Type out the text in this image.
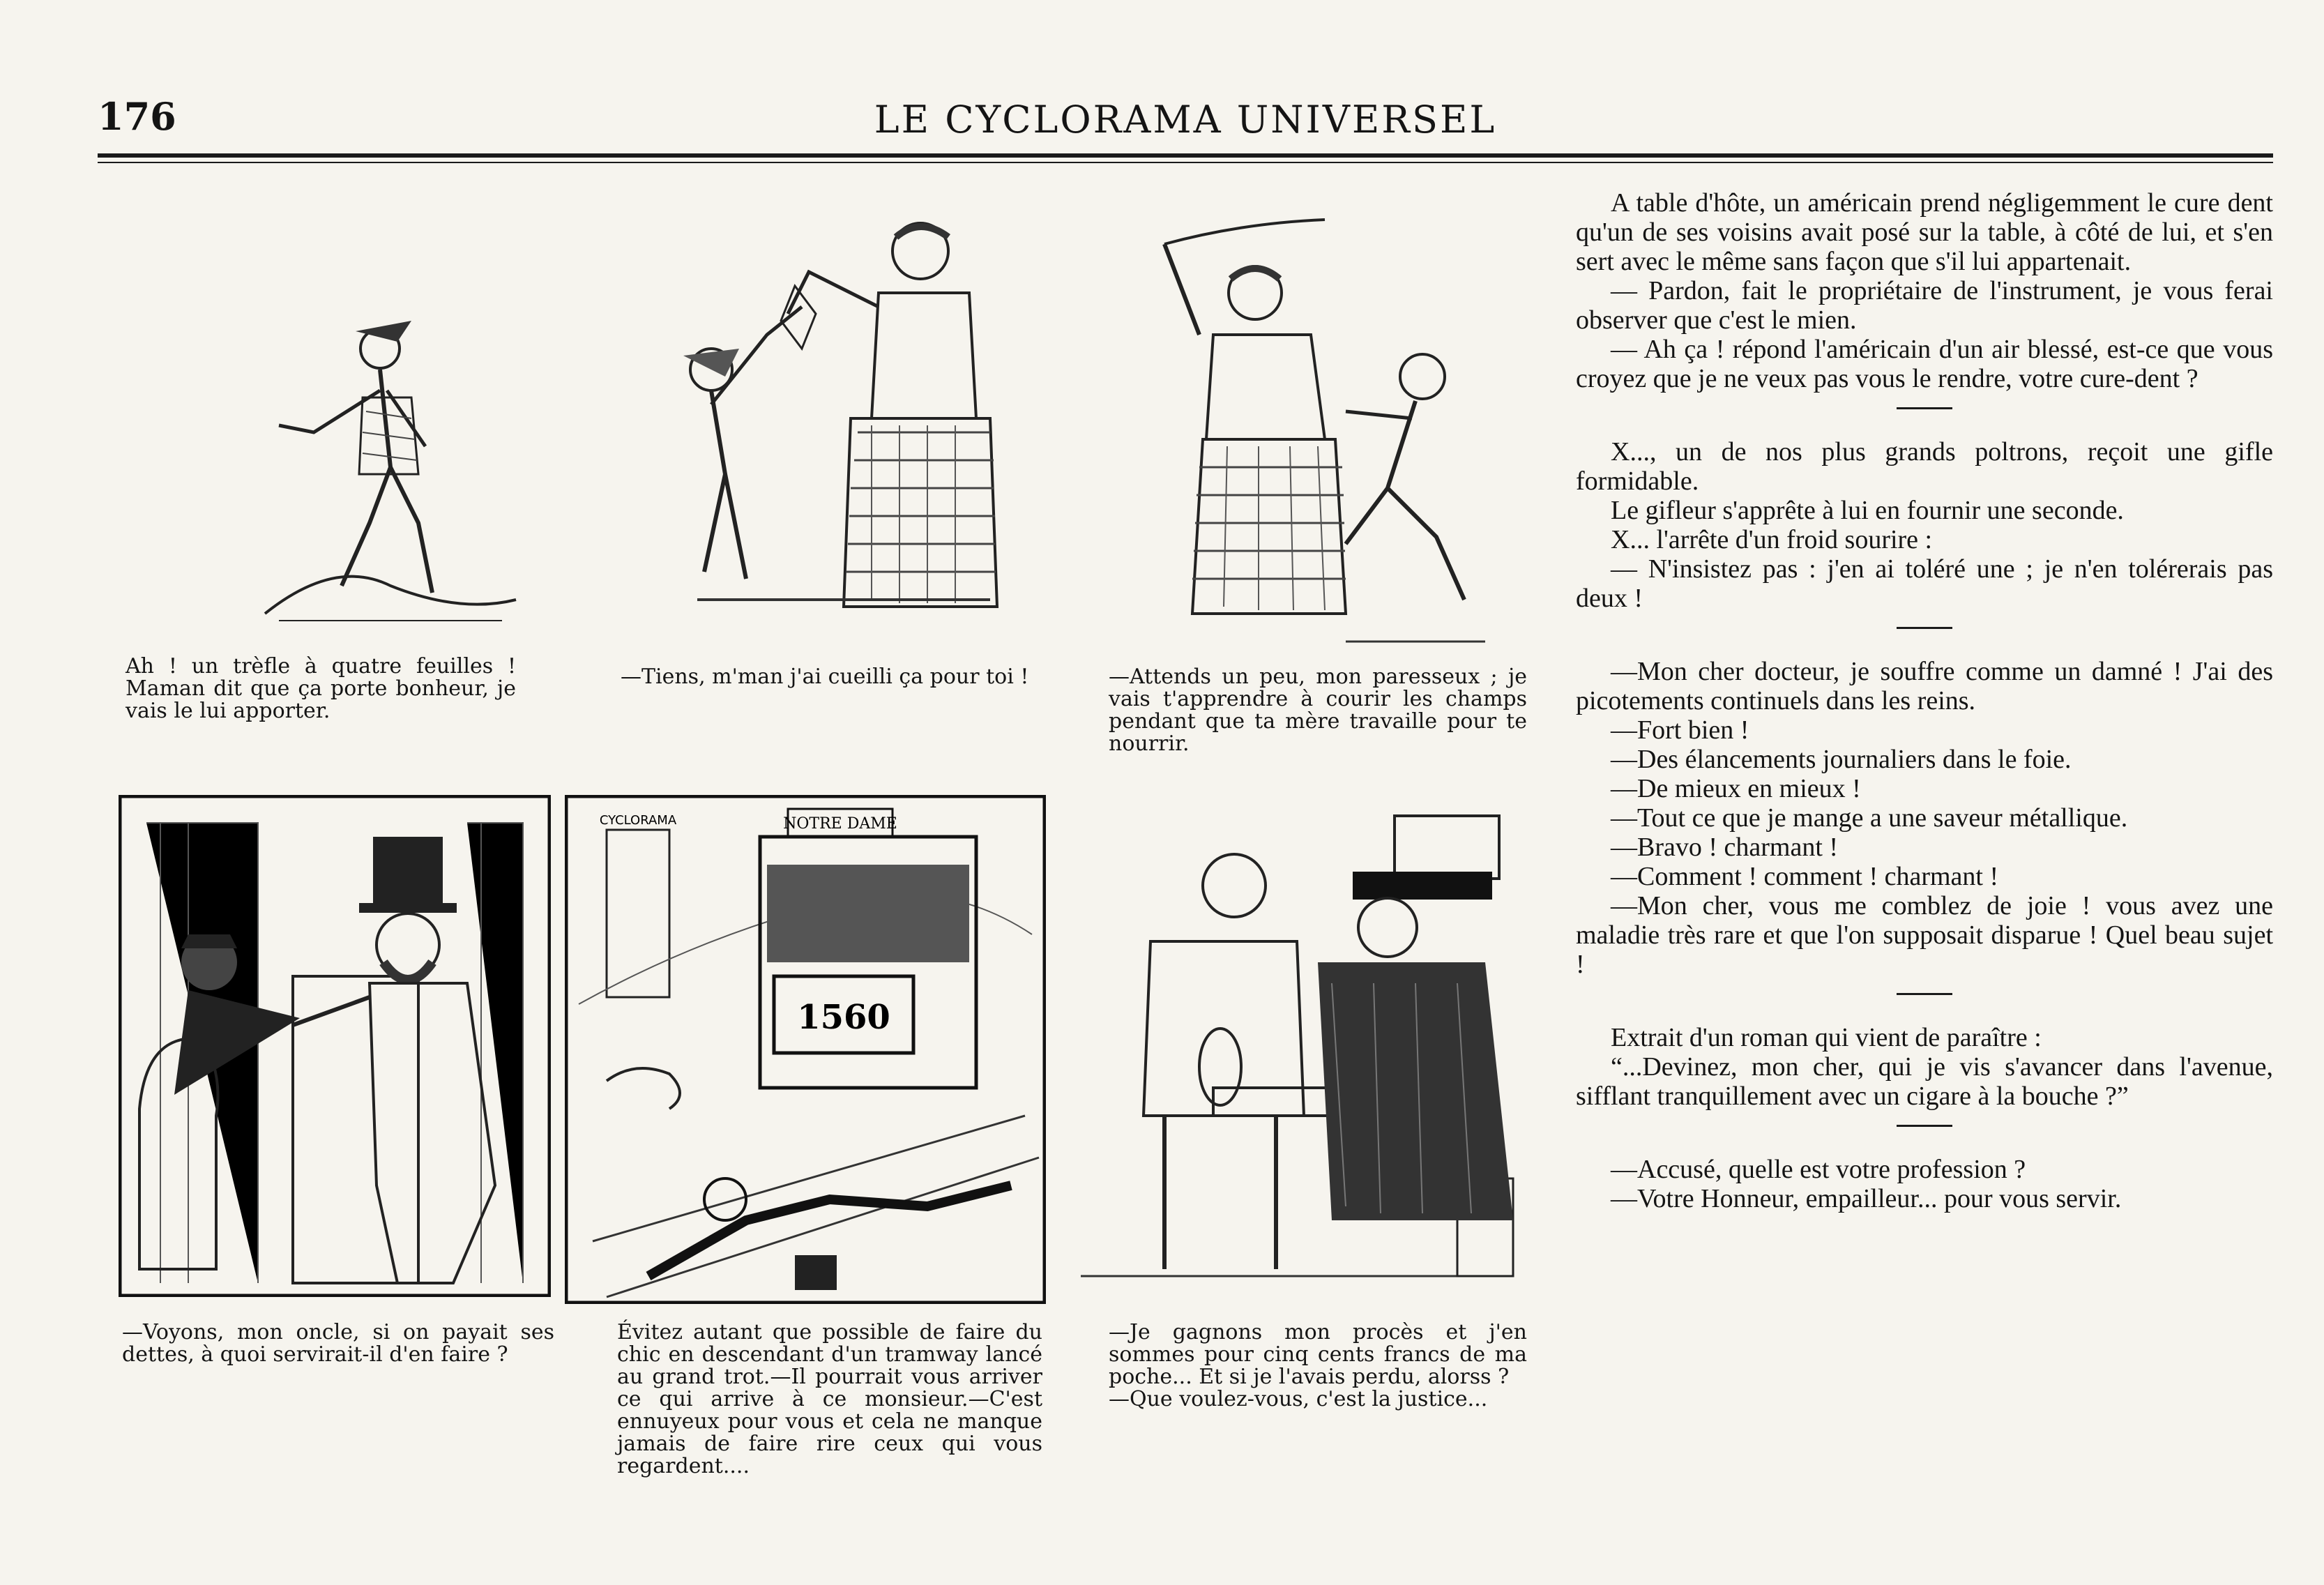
176	LE CYCLORAMA UNIVERSEL

Ah ! un trèfle à quatre feuilles ! Maman dit que ça porte bonheur, je vais le lui apporter.

—Tiens, m'man j'ai cueilli ça pour toi !	—Attends un peu, mon paresseux ; je vais t'apprendre à courir les champs pendant que ta mère travaille pour te nourrir.

CYCLORAMA	NOTRE DAME
1560

—Voyons, mon oncle, si on payait ses dettes, à quoi servirait-il d'en faire ?

Évitez autant que possible de faire du chic en descendant d'un tramway lancé au grand trot.—Il pourrait vous arriver ce qui arrive à ce monsieur.—C'est ennuyeux pour vous et cela ne manque jamais de faire rire ceux qui vous regardent....

—Je gagnons mon procès et j'en sommes pour cinq cents francs de ma poche... Et si je l'avais perdu, alorss ?

—Que voulez-vous, c'est la justice...

A table d'hôte, un américain prend négligemment le cure dent qu'un de ses voisins avait posé sur la table, à côté de lui, et s'en sert avec le même sans façon que s'il lui appartenait.

— Pardon, fait le propriétaire de l'instrument, je vous ferai observer que c'est le mien.

— Ah ça ! répond l'américain d'un air blessé, est-ce que vous croyez que je ne veux pas vous le rendre, votre cure-dent ?

X..., un de nos plus grands poltrons, reçoit une gifle formidable.

Le gifleur s'apprête à lui en fournir une seconde.

X... l'arrête d'un froid sourire :

— N'insistez pas : j'en ai toléré une ; je n'en tolérerais pas deux !

—Mon cher docteur, je souffre comme un damné ! J'ai des picotements continuels dans les reins.

—Fort bien !

—Des élancements journaliers dans le foie.

—De mieux en mieux !

—Tout ce que je mange a une saveur métallique.

—Bravo ! charmant !

—Comment ! comment ! charmant !

—Mon cher, vous me comblez de joie ! vous avez une maladie très rare et que l'on supposait disparue ! Quel beau sujet !

Extrait d'un roman qui vient de paraître :

“...Devinez, mon cher, qui je vis s'avancer dans l'avenue, sifflant tranquillement avec un cigare à la bouche ?”

—Accusé, quelle est votre profession ?

—Votre Honneur, empailleur... pour vous servir.
